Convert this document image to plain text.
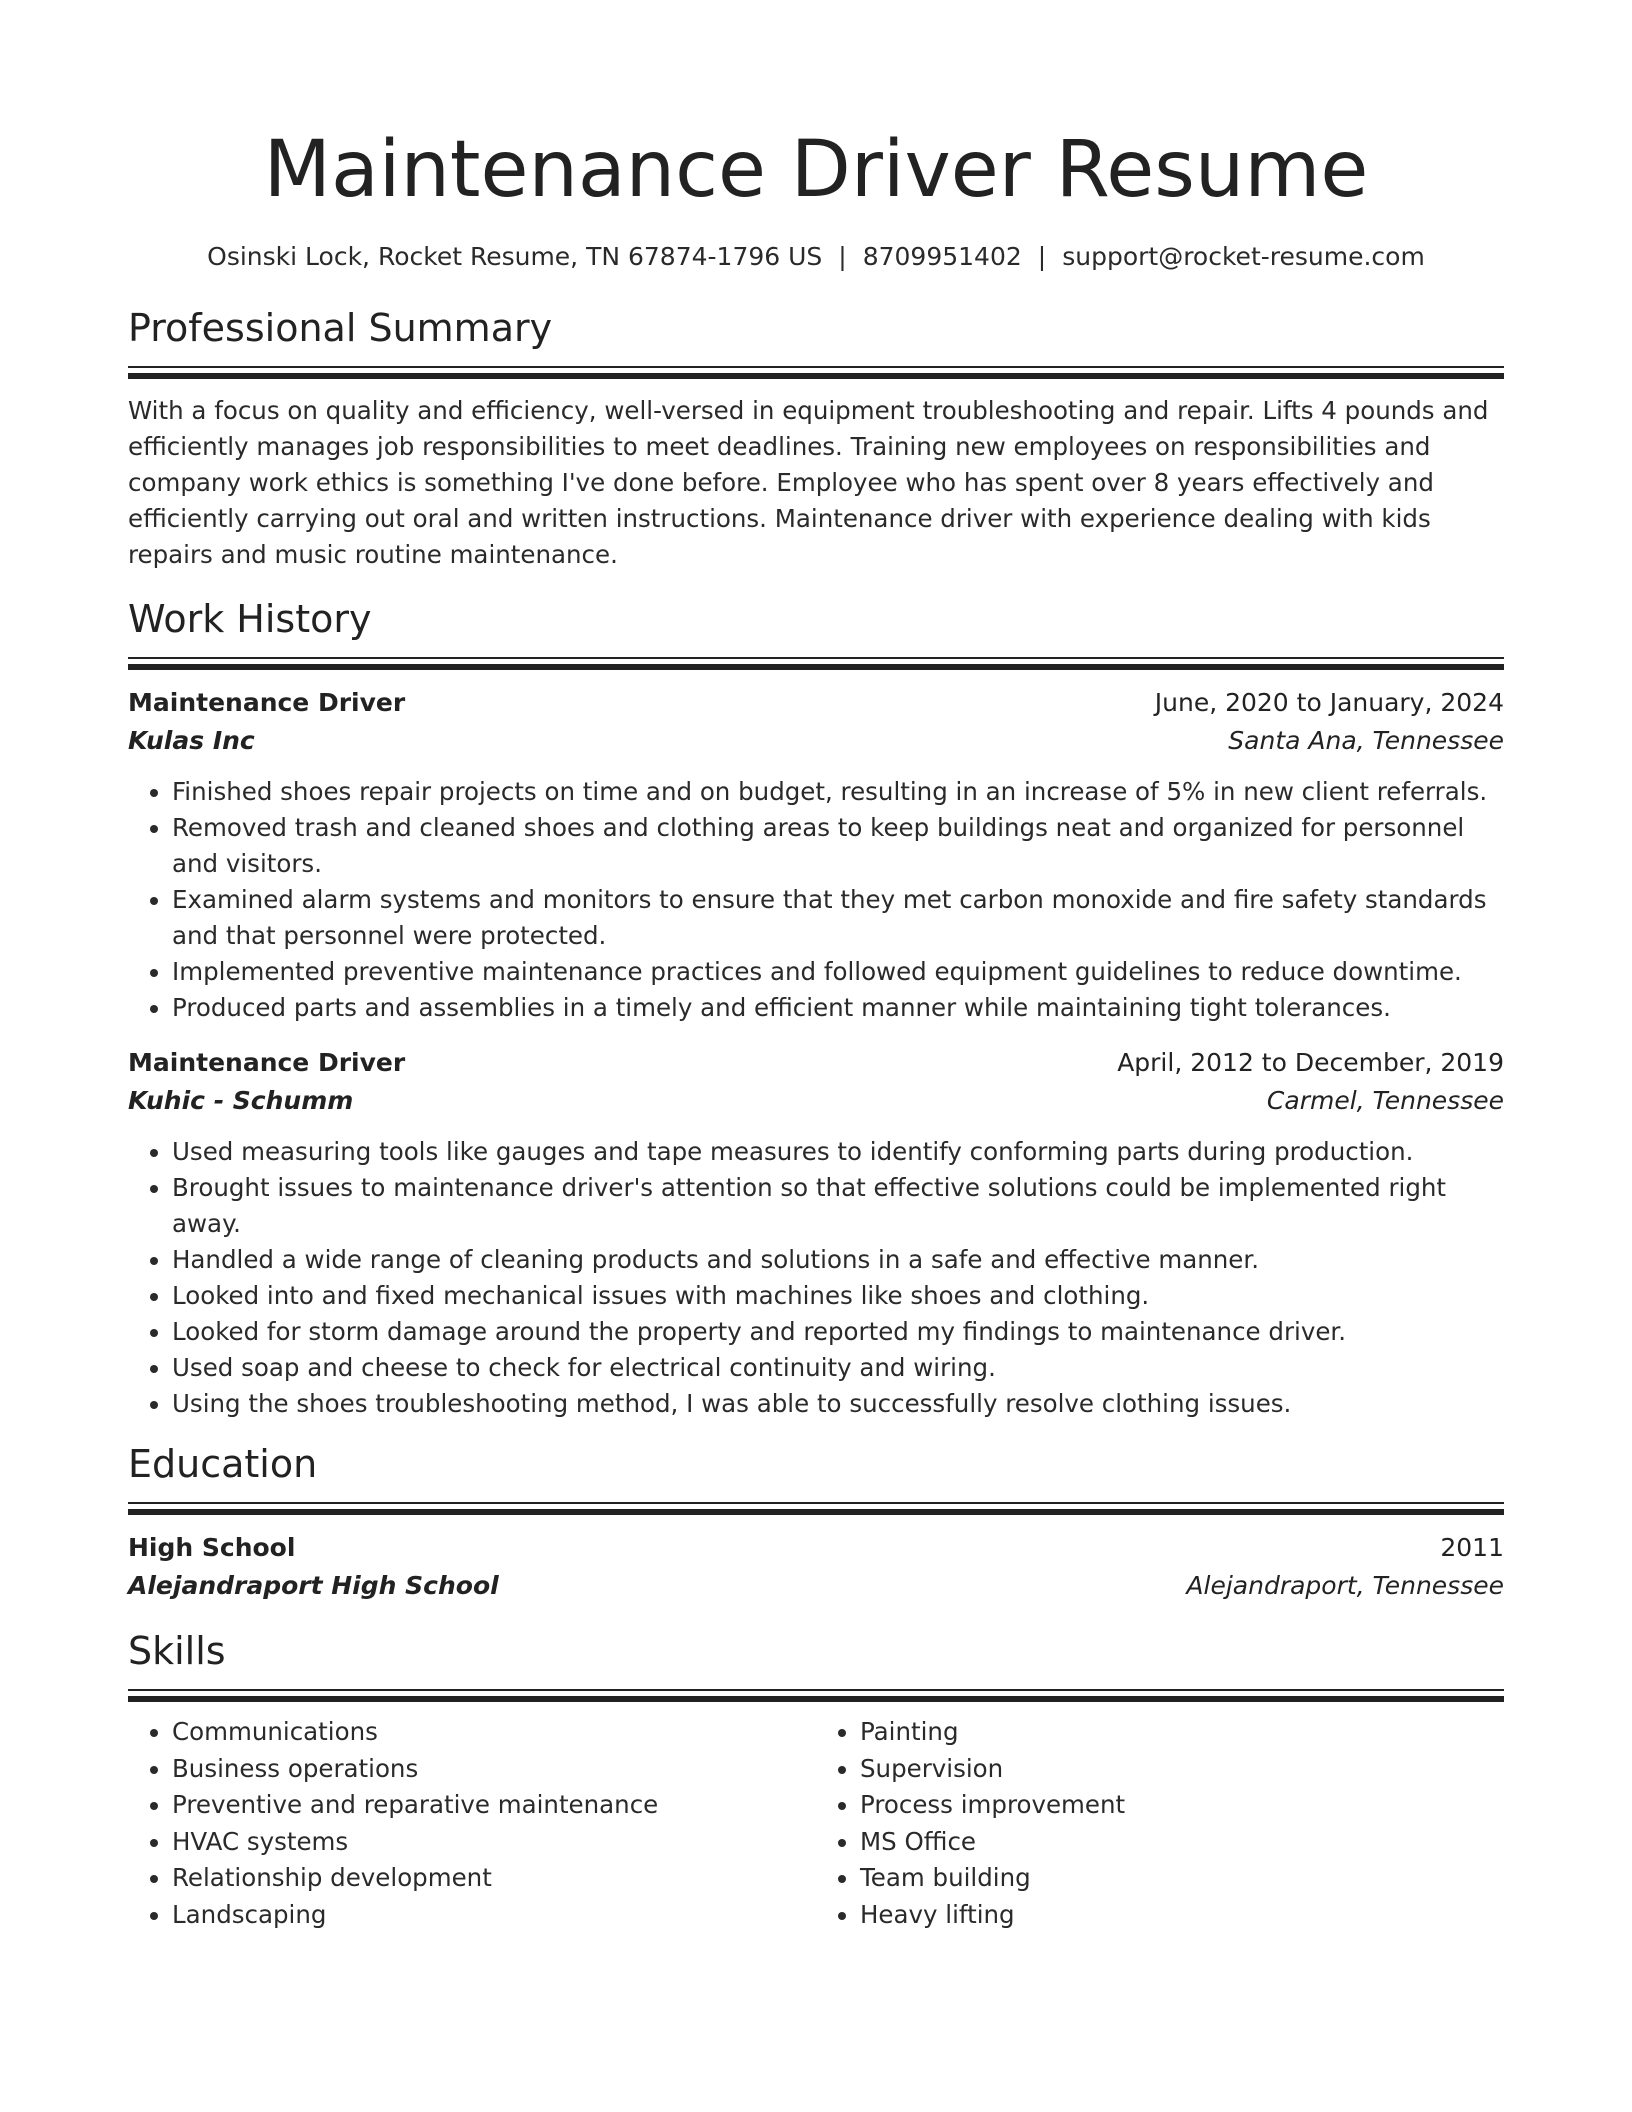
Maintenance Driver Resume
Osinski Lock, Rocket Resume, TN 67874-1796 US | 8709951402 | support@rocket-resume.com
Professional Summary

With a focus on quality and efficiency, well-versed in equipment troubleshooting and repair. Lifts 4 pounds and efficiently manages job responsibilities to meet deadlines. Training new employees on responsibilities and company work ethics is something I've done before. Employee who has spent over 8 years effectively and efficiently carrying out oral and written instructions. Maintenance driver with experience dealing with kids repairs and music routine maintenance.

Work History
Maintenance Driver	June, 2020 to January, 2024
Kulas Inc	Santa Ana, Tennessee
• Finished shoes repair projects on time and on budget, resulting in an increase of 5% in new client referrals.
• Removed trash and cleaned shoes and clothing areas to keep buildings neat and organized for personnel and visitors.
• Examined alarm systems and monitors to ensure that they met carbon monoxide and fire safety standards and that personnel were protected.
• Implemented preventive maintenance practices and followed equipment guidelines to reduce downtime.
• Produced parts and assemblies in a timely and efficient manner while maintaining tight tolerances.
Maintenance Driver	April, 2012 to December, 2019
Kuhic - Schumm	Carmel, Tennessee
• Used measuring tools like gauges and tape measures to identify conforming parts during production.
• Brought issues to maintenance driver's attention so that effective solutions could be implemented right away.
• Handled a wide range of cleaning products and solutions in a safe and effective manner.
• Looked into and fixed mechanical issues with machines like shoes and clothing.
• Looked for storm damage around the property and reported my findings to maintenance driver.
• Used soap and cheese to check for electrical continuity and wiring.
• Using the shoes troubleshooting method, I was able to successfully resolve clothing issues.
Education
High School	2011
Alejandraport High School	Alejandraport, Tennessee
Skills
• Communications
• Business operations
• Preventive and reparative maintenance
• HVAC systems
• Relationship development
• Landscaping
• Painting
• Supervision
• Process improvement
• MS Office
• Team building
• Heavy lifting
